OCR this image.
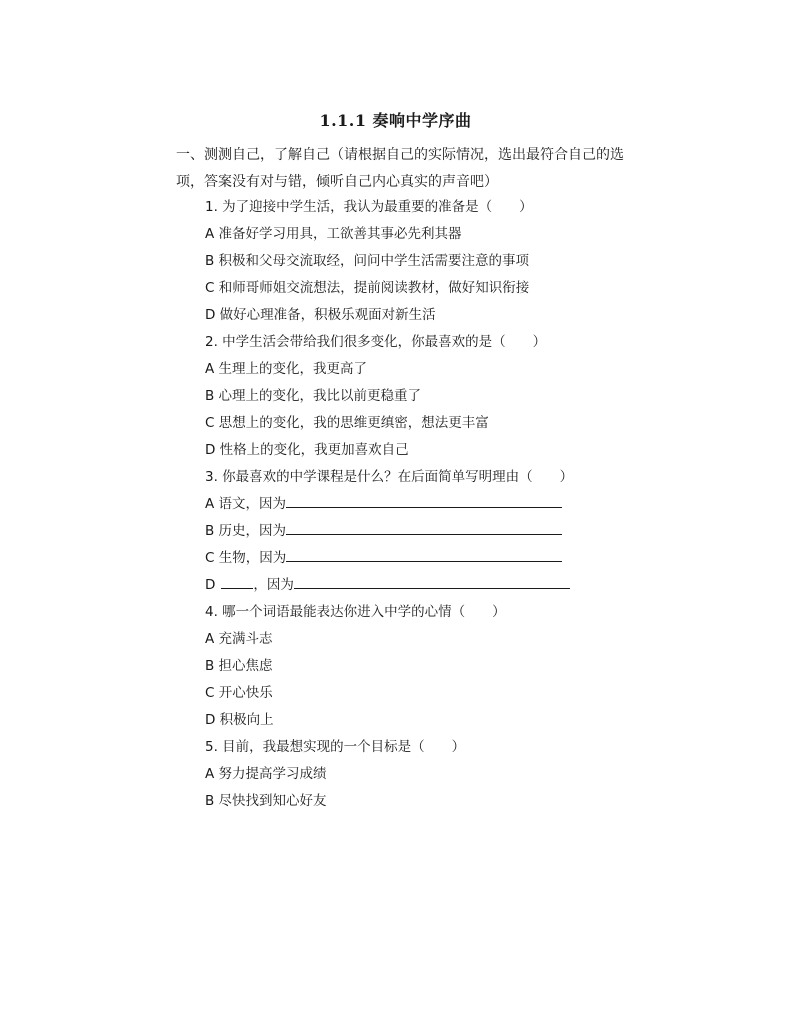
1.1.1 奏响中学序曲
一、测测自己，了解自己（请根据自己的实际情况，选出最符合自己的选项，答案没有对与错，倾听自己内心真实的声音吧）
1. 为了迎接中学生活，我认为最重要的准备是（　　）
A 准备好学习用具，工欲善其事必先利其器
B 积极和父母交流取经，问问中学生活需要注意的事项
C 和师哥师姐交流想法，提前阅读教材，做好知识衔接
D 做好心理准备，积极乐观面对新生活
2. 中学生活会带给我们很多变化，你最喜欢的是（　　）
A 生理上的变化，我更高了
B 心理上的变化，我比以前更稳重了
C 思想上的变化，我的思维更缜密，想法更丰富
D 性格上的变化，我更加喜欢自己
3. 你最喜欢的中学课程是什么？在后面简单写明理由（　　）
A 语文，因为
B 历史，因为
C 生物，因为
D	，因为
4. 哪一个词语最能表达你进入中学的心情（　　）
A 充满斗志
B 担心焦虑
C 开心快乐
D 积极向上
5. 目前，我最想实现的一个目标是（　　）
A 努力提高学习成绩
B 尽快找到知心好友
